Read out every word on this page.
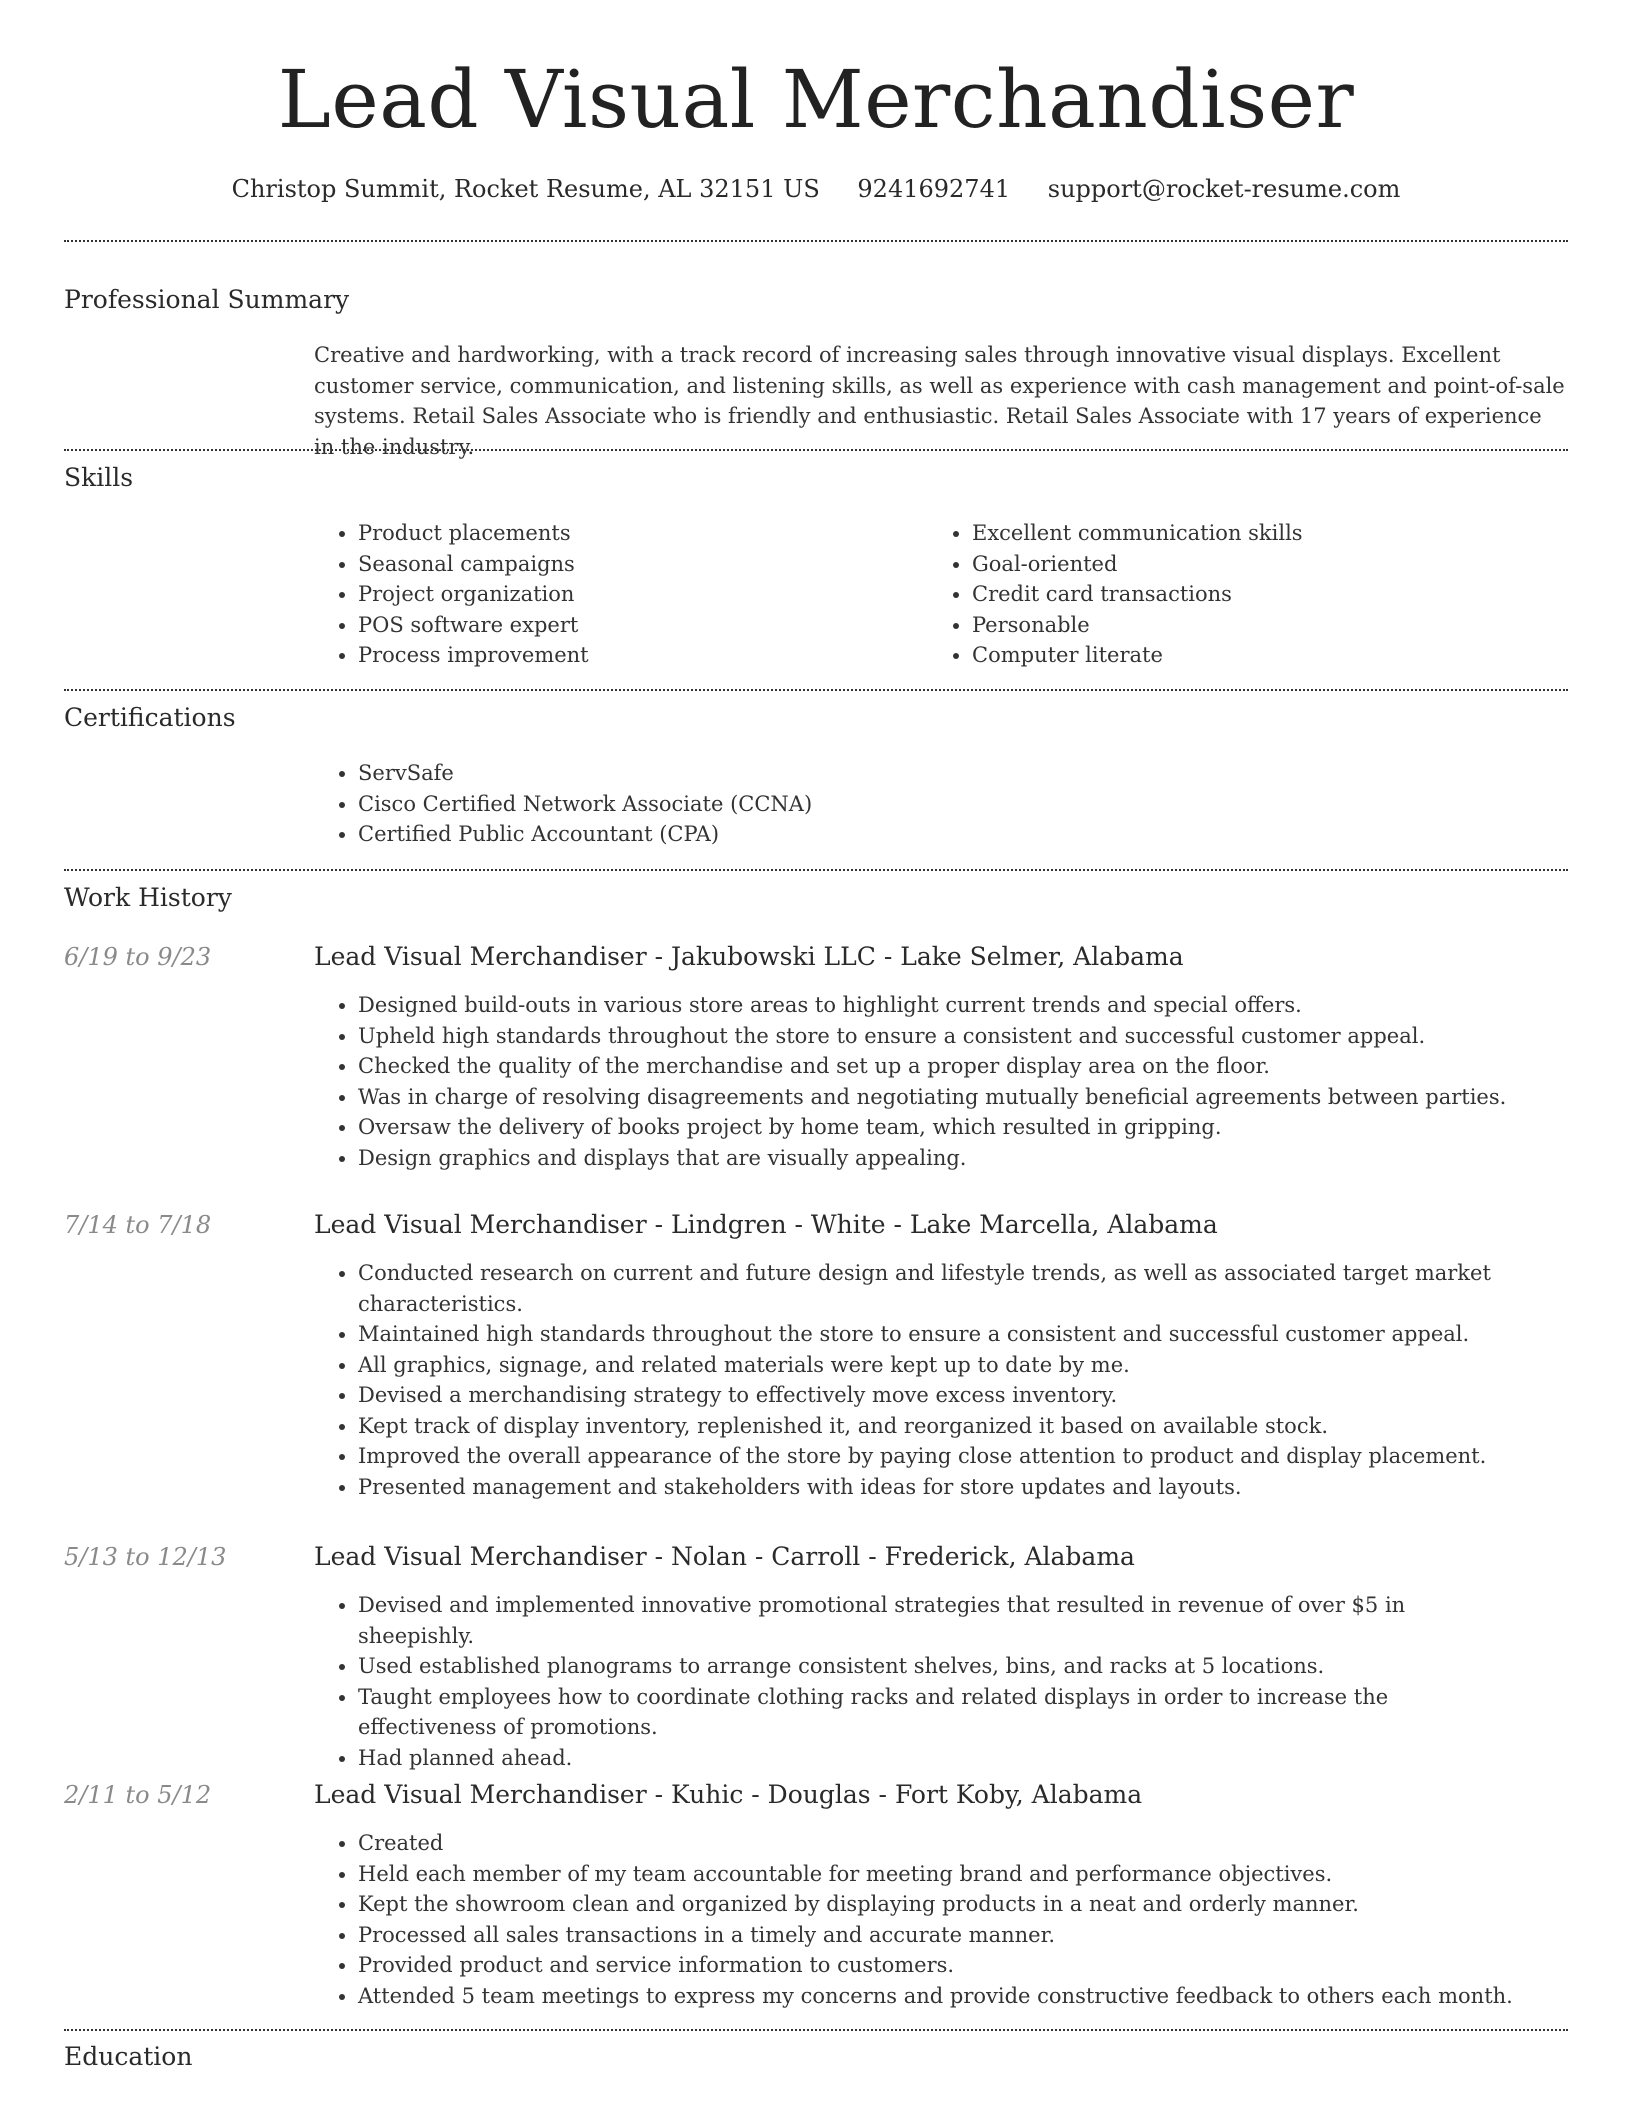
Lead Visual Merchandiser
Christop Summit, Rocket Resume, AL 32151 US 9241692741 support@rocket-resume.com
Professional Summary

Creative and hardworking, with a track record of increasing sales through innovative visual displays. Excellent customer service, communication, and listening skills, as well as experience with cash management and point-of-sale systems. Retail Sales Associate who is friendly and enthusiastic. Retail Sales Associate with 17 years of experience in the industry.

Skills
• Product placements
• Seasonal campaigns
• Project organization
• POS software expert
• Process improvement
• Excellent communication skills
• Goal-oriented
• Credit card transactions
• Personable
• Computer literate
Certifications
• ServSafe
• Cisco Certified Network Associate (CCNA)
• Certified Public Accountant (CPA)
Work History
6/19 to 9/23	Lead Visual Merchandiser - Jakubowski LLC - Lake Selmer, Alabama
• Designed build-outs in various store areas to highlight current trends and special offers.
• Upheld high standards throughout the store to ensure a consistent and successful customer appeal.
• Checked the quality of the merchandise and set up a proper display area on the floor.
• Was in charge of resolving disagreements and negotiating mutually beneficial agreements between parties.
• Oversaw the delivery of books project by home team, which resulted in gripping.
• Design graphics and displays that are visually appealing.
7/14 to 7/18	Lead Visual Merchandiser - Lindgren - White - Lake Marcella, Alabama
• Conducted research on current and future design and lifestyle trends, as well as associated target market characteristics.
• Maintained high standards throughout the store to ensure a consistent and successful customer appeal.
• All graphics, signage, and related materials were kept up to date by me.
• Devised a merchandising strategy to effectively move excess inventory.
• Kept track of display inventory, replenished it, and reorganized it based on available stock.
• Improved the overall appearance of the store by paying close attention to product and display placement.
• Presented management and stakeholders with ideas for store updates and layouts.
5/13 to 12/13	Lead Visual Merchandiser - Nolan - Carroll - Frederick, Alabama
• Devised and implemented innovative promotional strategies that resulted in revenue of over $5 in sheepishly.
• Used established planograms to arrange consistent shelves, bins, and racks at 5 locations.
• Taught employees how to coordinate clothing racks and related displays in order to increase the effectiveness of promotions.
• Had planned ahead.
2/11 to 5/12	Lead Visual Merchandiser - Kuhic - Douglas - Fort Koby, Alabama
• Created
• Held each member of my team accountable for meeting brand and performance objectives.
• Kept the showroom clean and organized by displaying products in a neat and orderly manner.
• Processed all sales transactions in a timely and accurate manner.
• Provided product and service information to customers.
• Attended 5 team meetings to express my concerns and provide constructive feedback to others each month.
Education
